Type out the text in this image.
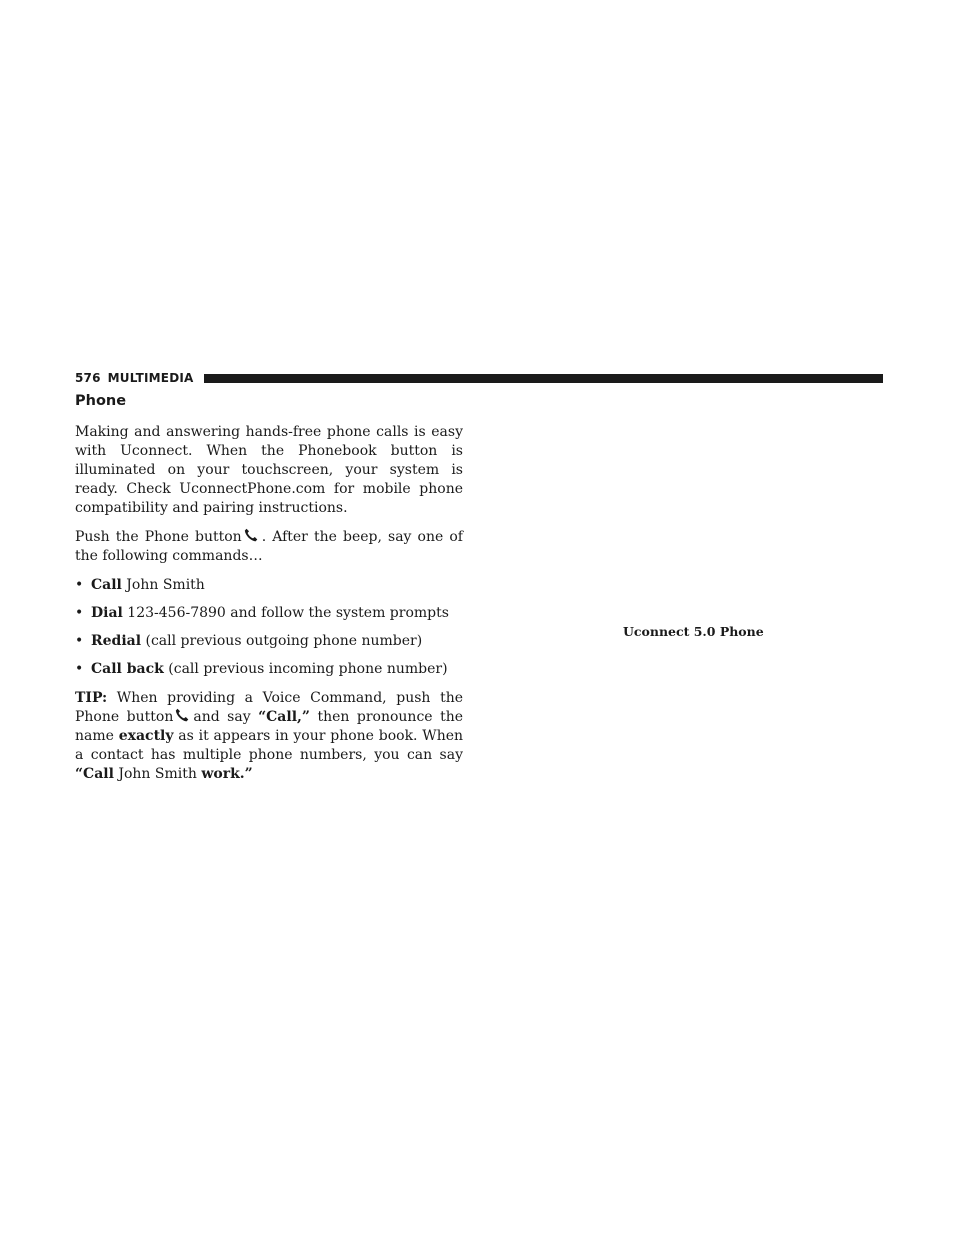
576 MULTIMEDIA
Phone

Making and answering hands-free phone calls is easy with Uconnect. When the Phonebook button is illuminated on your touchscreen, your system is ready. Check UconnectPhone.com for mobile phone compatibility and pairing instructions.

Push the Phone button . After the beep, say one of the following commands…

• Call John Smith
• Dial 123-456-7890 and follow the system prompts
• Redial (call previous outgoing phone number)
• Call back (call previous incoming phone number)

TIP: When providing a Voice Command, push the Phone button and say “Call,” then pronounce the name exactly as it appears in your phone book. When a contact has multiple phone numbers, you can say “Call John Smith work.”

Uconnect 5.0 Phone
